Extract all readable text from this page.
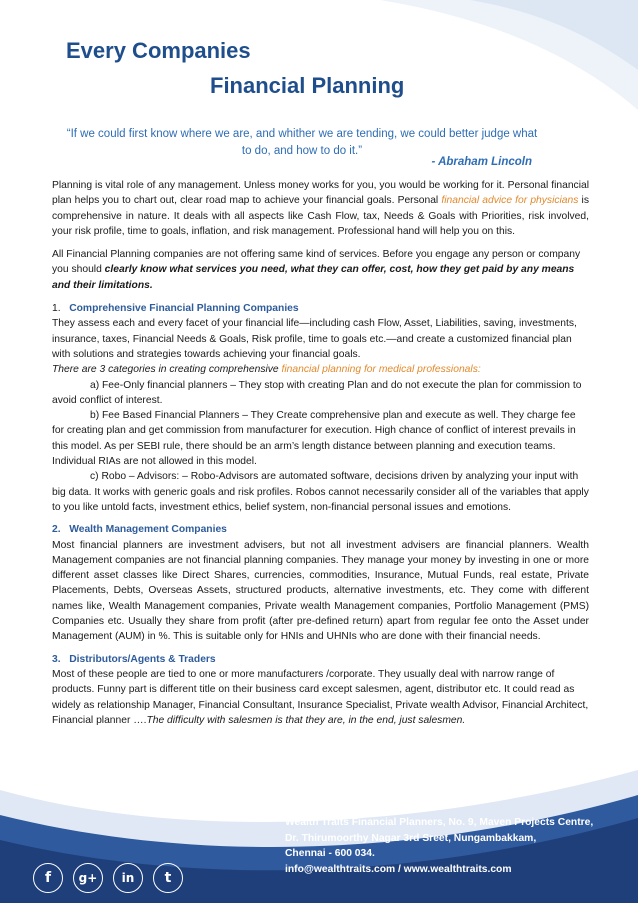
Every Companies
Financial Planning
“If we could first know where we are, and whither we are tending, we could better judge what to do, and how to do it.”
- Abraham Lincoln

Planning is vital role of any management. Unless money works for you, you would be working for it. Personal financial plan helps you to chart out, clear road map to achieve your financial goals. Personal financial advice for physicians is comprehensive in nature. It deals with all aspects like Cash Flow, tax, Needs & Goals with Priorities, risk involved, your risk profile, time to goals, inflation, and risk management. Professional hand will help you on this.

All Financial Planning companies are not offering same kind of services. Before you engage any person or company you should clearly know what services you need, what they can offer, cost, how they get paid by any means and their limitations.

1. Comprehensive Financial Planning Companies
They assess each and every facet of your financial life—including cash Flow, Asset, Liabilities, saving, investments, insurance, taxes, Financial Needs & Goals, Risk profile, time to goals etc.—and create a customized financial plan with solutions and strategies towards achieving your financial goals.
There are 3 categories in creating comprehensive financial planning for medical professionals:
a) Fee-Only financial planners – They stop with creating Plan and do not execute the plan for commission to avoid conflict of interest.
b) Fee Based Financial Planners – They Create comprehensive plan and execute as well. They charge fee for creating plan and get commission from manufacturer for execution. High chance of conflict of interest prevails in this model. As per SEBI rule, there should be an arm’s length distance between planning and execution teams. Individual RIAs are not allowed in this model.
c) Robo – Advisors: – Robo-Advisors are automated software, decisions driven by analyzing your input with big data. It works with generic goals and risk profiles. Robos cannot necessarily consider all of the variables that apply to you like untold facts, investment ethics, belief system, non-financial personal issues and emotions.
2. Wealth Management Companies
Most financial planners are investment advisers, but not all investment advisers are financial planners. Wealth Management companies are not financial planning companies. They manage your money by investing in one or more different asset classes like Direct Shares, currencies, commodities, Insurance, Mutual Funds, real estate, Private Placements, Debts, Overseas Assets, structured products, alternative investments, etc. They come with different names like, Wealth Management companies, Private wealth Management companies, Portfolio Management (PMS) Companies etc. Usually they share from profit (after pre-defined return) apart from regular fee onto the Asset under Management (AUM) in %. This is suitable only for HNIs and UHNIs who are done with their financial needs.
3. Distributors/Agents & Traders
Most of these people are tied to one or more manufacturers /corporate. They usually deal with narrow range of products. Funny part is different title on their business card except salesmen, agent, distributor etc. It could read as widely as relationship Manager, Financial Consultant, Insurance Specialist, Private wealth Advisor, Financial Architect, Financial planner ….The difficulty with salesmen is that they are, in the end, just salesmen.
Wealth Traits Financial Planners, No. 9, Maven Projects Centre,
Dr. Thirumoorthy Nagar 3rd Sreet, Nungambakkam,
Chennai - 600 034.
info@wealthtraits.com / www.wealthtraits.com
f	g+	in	t
